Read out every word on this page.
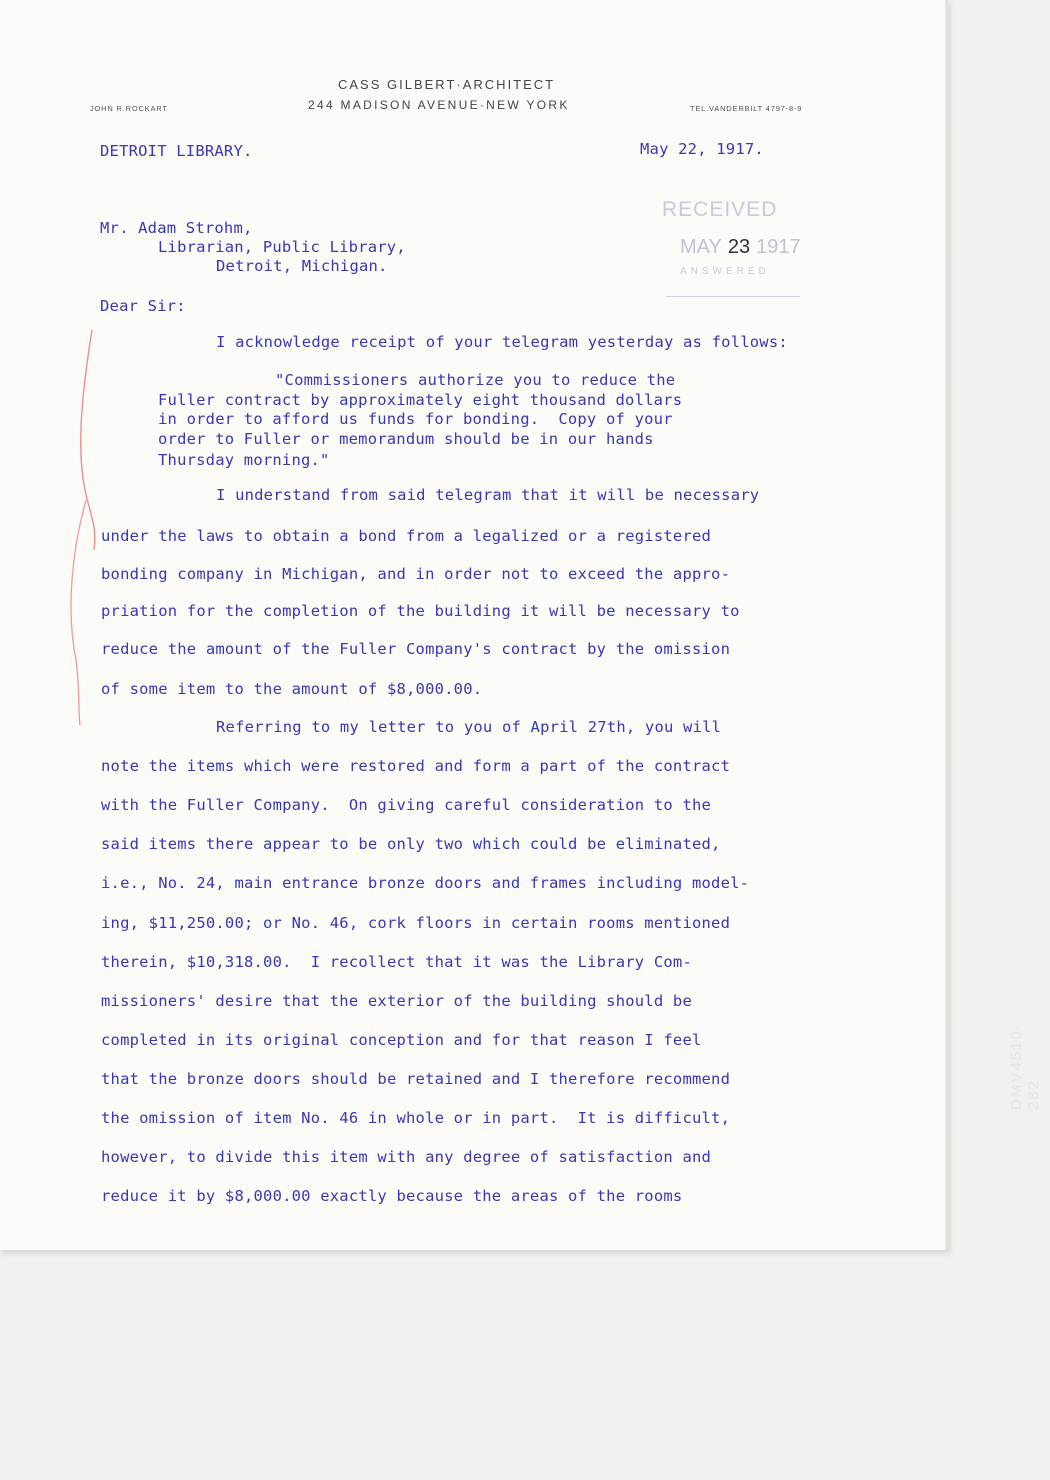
CASS GILBERT·ARCHITECT
244 MADISON AVENUE·NEW YORK
JOHN R.ROCKART	TEL.VANDERBILT 4797-8-9
DETROIT LIBRARY.	May 22, 1917.
RECEIVED
MAY 23 1917
ANSWERED
Mr. Adam Strohm,
Librarian, Public Library,
Detroit, Michigan.
Dear Sir:
I acknowledge receipt of your telegram yesterday as follows:
"Commissioners authorize you to reduce the
Fuller contract by approximately eight thousand dollars
in order to afford us funds for bonding.  Copy of your
order to Fuller or memorandum should be in our hands
Thursday morning."
I understand from said telegram that it will be necessary
under the laws to obtain a bond from a legalized or a registered
bonding company in Michigan, and in order not to exceed the appro-
priation for the completion of the building it will be necessary to
reduce the amount of the Fuller Company's contract by the omission
of some item to the amount of $8,000.00.
Referring to my letter to you of April 27th, you will
note the items which were restored and form a part of the contract
with the Fuller Company.  On giving careful consideration to the
said items there appear to be only two which could be eliminated,
i.e., No. 24, main entrance bronze doors and frames including model-
ing, $11,250.00; or No. 46, cork floors in certain rooms mentioned
therein, $10,318.00.  I recollect that it was the Library Com-
missioners' desire that the exterior of the building should be
completed in its original conception and for that reason I feel
that the bronze doors should be retained and I therefore recommend
the omission of item No. 46 in whole or in part.  It is difficult,
however, to divide this item with any degree of satisfaction and
reduce it by $8,000.00 exactly because the areas of the rooms
DMV4510-282
